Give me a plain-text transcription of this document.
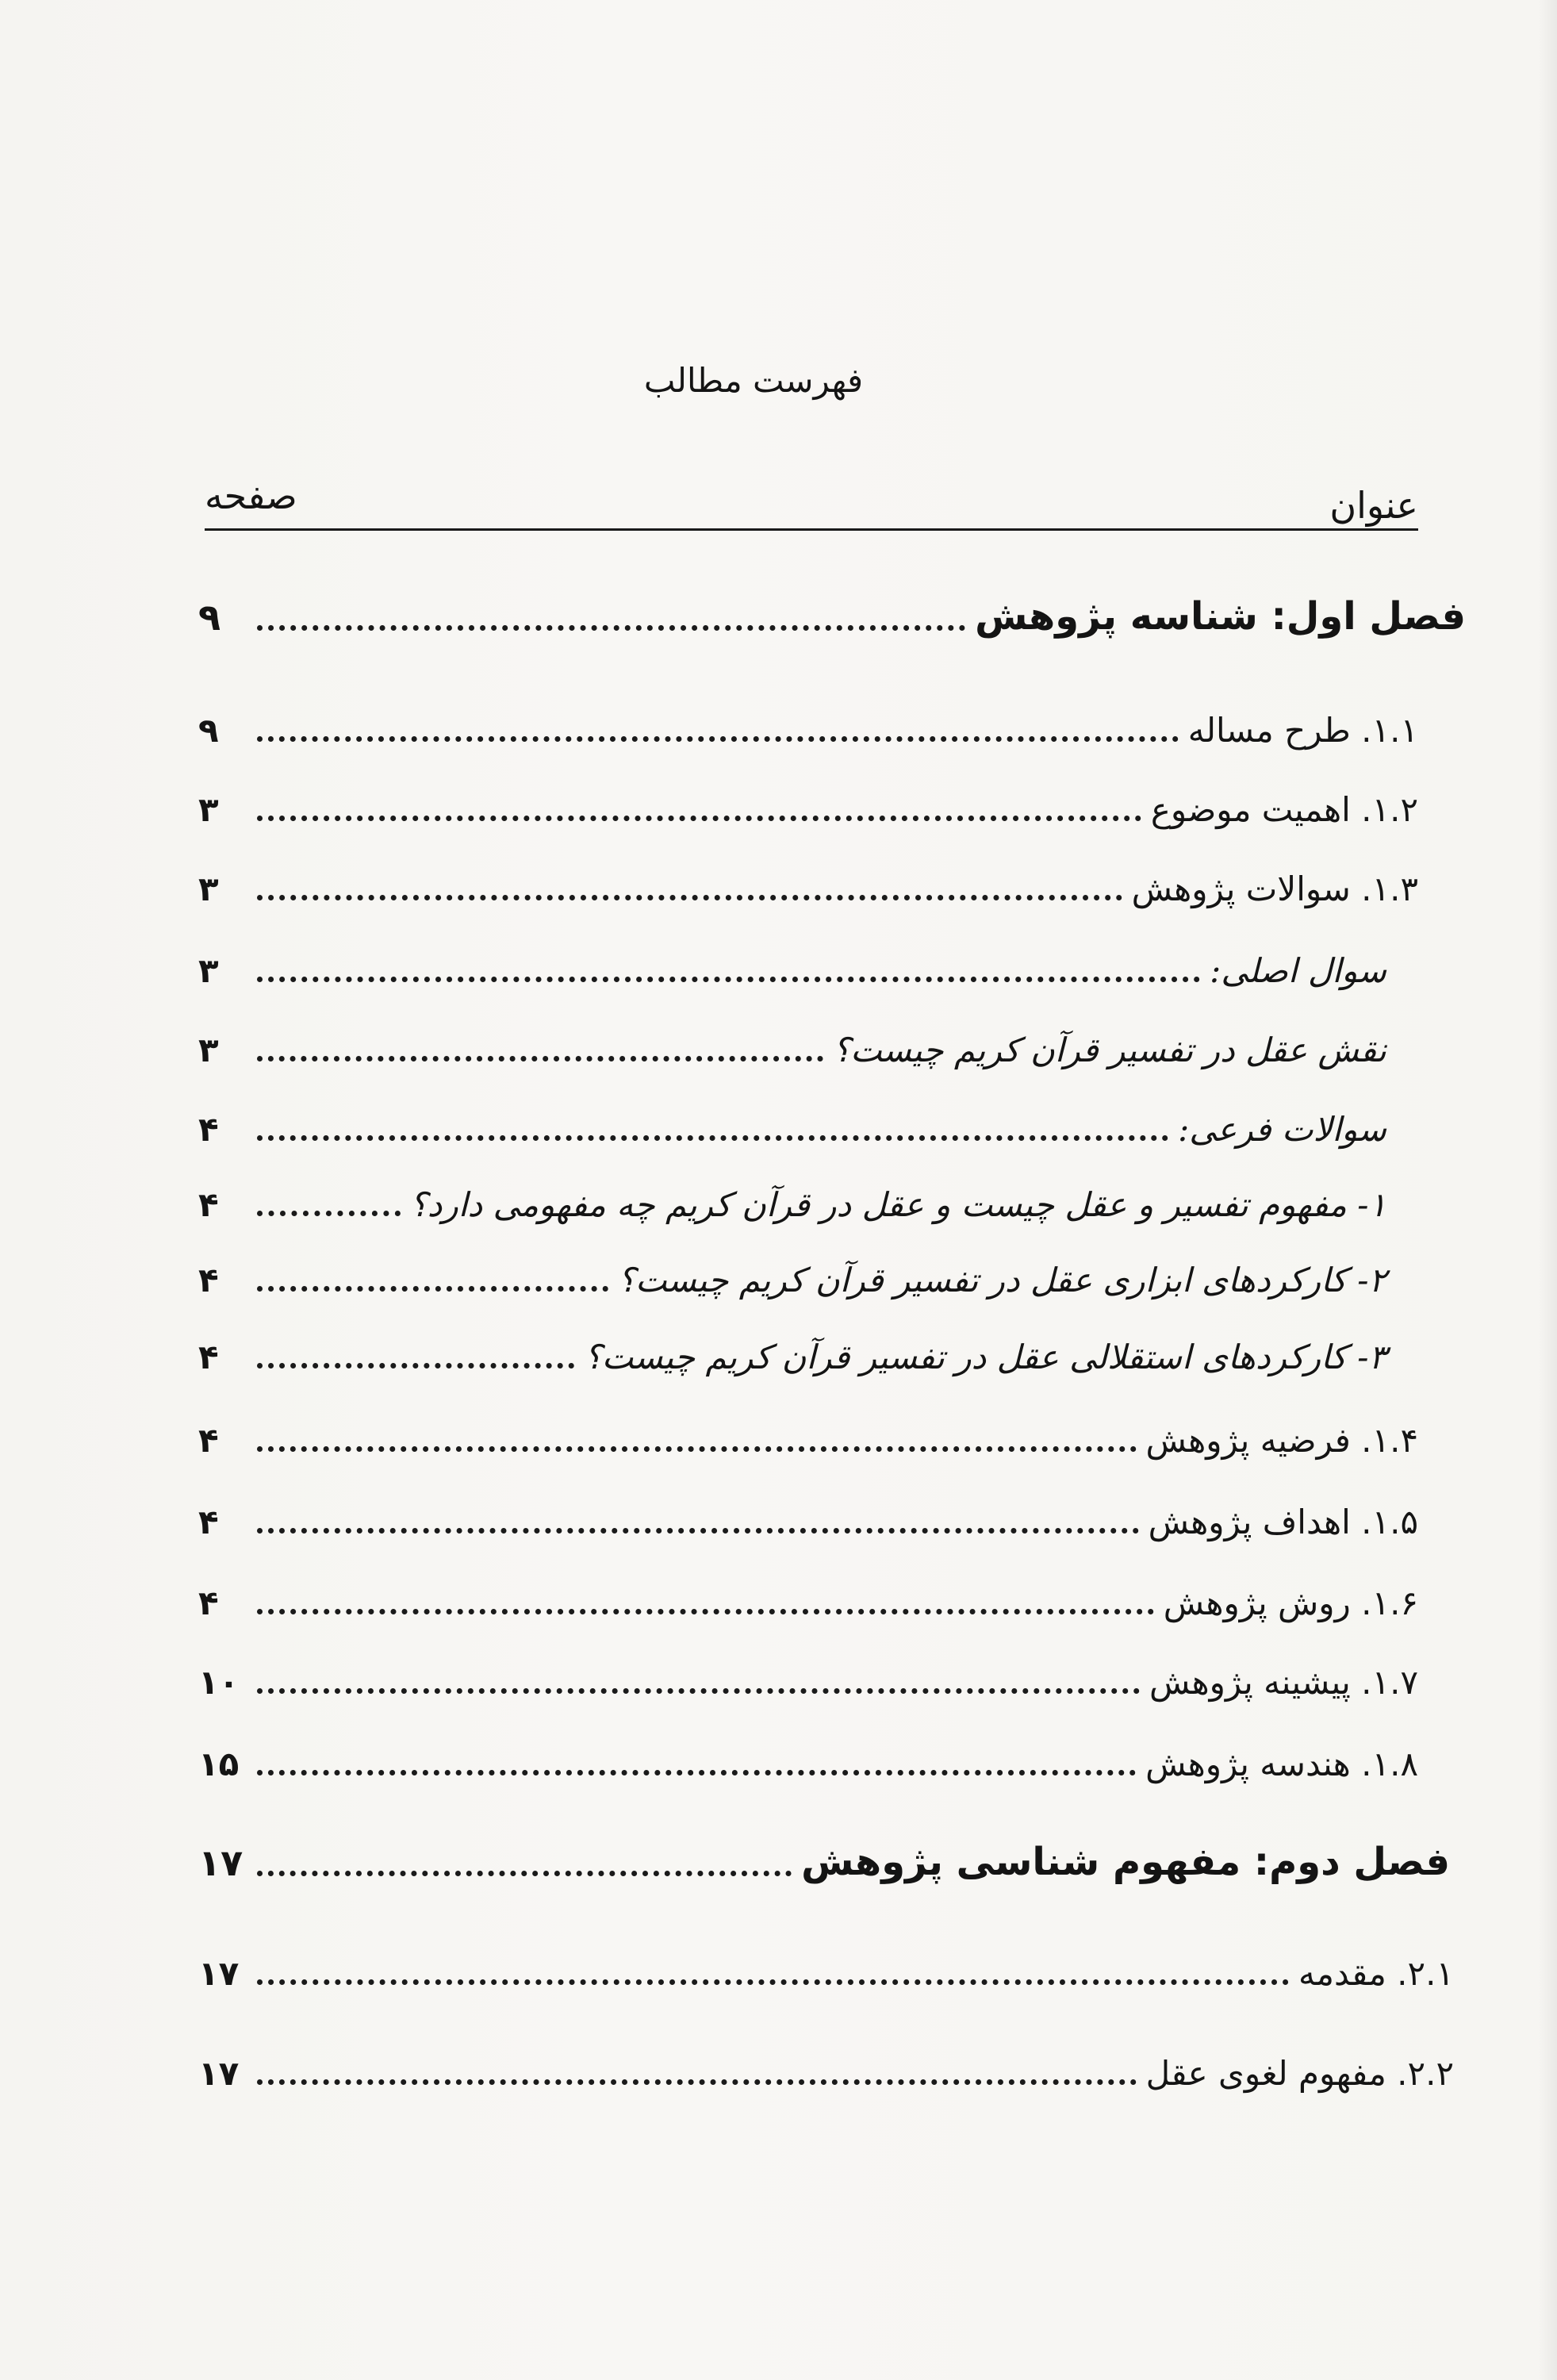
فهرست مطالب
عنوان
صفحه
فصل اول: شناسه پژوهش
۹
۱.۱. طرح مساله
۹
۱.۲. اهمیت موضوع
۳
۱.۳. سوالات پژوهش
۳
سوال اصلی:
۳
نقش عقل در تفسیر قرآن کریم چیست؟
۳
سوالات فرعی:
۴
۱- مفهوم تفسیر و عقل چیست و عقل در قرآن کریم چه مفهومی دارد؟
۴
۲- کارکردهای ابزاری عقل در تفسیر قرآن کریم چیست؟
۴
۳- کارکردهای استقلالی عقل در تفسیر قرآن کریم چیست؟
۴
۱.۴. فرضیه پژوهش
۴
۱.۵. اهداف پژوهش
۴
۱.۶. روش پژوهش
۴
۱.۷. پیشینه پژوهش
۱۰
۱.۸. هندسه پژوهش
۱۵
فصل دوم: مفهوم شناسی پژوهش
۱۷
۲.۱. مقدمه
۱۷
۲.۲. مفهوم لغوی عقل
۱۷
